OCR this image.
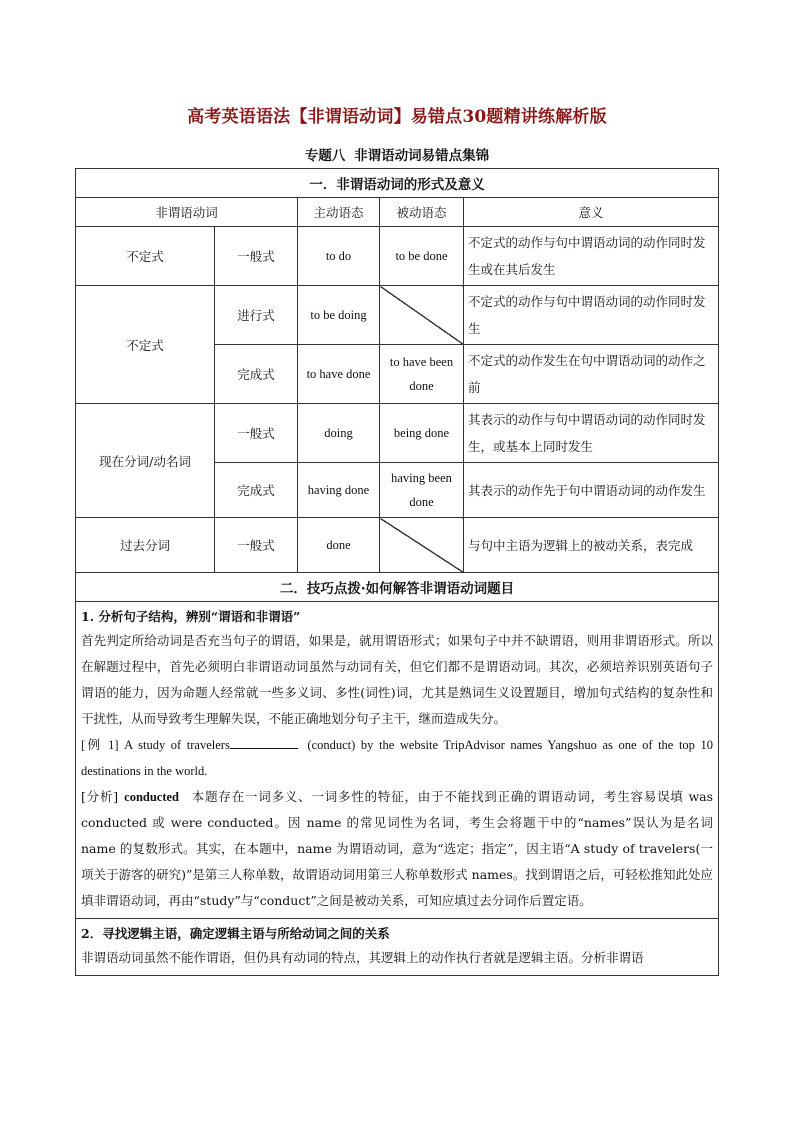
高考英语语法【非谓语动词】易错点30题精讲练解析版
专题八 非谓语动词易错点集锦
一．非谓语动词的形式及意义				
非谓语动词		主动语态	被动语态	意义
不定式	一般式	to do	to be done	不定式的动作与句中谓语动词的动作同时发生或在其后发生
不定式	进行式	to be doing		不定式的动作与句中谓语动词的动作同时发生
	完成式	to have done	to have been done	不定式的动作发生在句中谓语动词的动作之前
现在分词/动名词	一般式	doing	being done	其表示的动作与句中谓语动词的动作同时发生，或基本上同时发生
	完成式	having done	having been done	其表示的动作先于句中谓语动词的动作发生
过去分词	一般式	done		与句中主语为逻辑上的被动关系，表完成
二．技巧点拨·如何解答非谓语动词题目				

1. 分析句子结构，辨别“谓语和非谓语”

首先判定所给动词是否充当句子的谓语，如果是，就用谓语形式；如果句子中并不缺谓语，则用非谓语形式。所以在解题过程中，首先必须明白非谓语动词虽然与动词有关，但它们都不是谓语动词。其次，必须培养识别英语句子谓语的能力，因为命题人经常就一些多义词、多性(词性)词，尤其是熟词生义设置题目，增加句式结构的复杂性和干扰性，从而导致考生理解失误，不能正确地划分句子主干，继而造成失分。

[例 1] A study of travelers (conduct) by the website TripAdvisor names Yangshuo as one of the top 10 destinations in the world.

[分析] conducted 本题存在一词多义、一词多性的特征，由于不能找到正确的谓语动词，考生容易误填 was conducted 或 were conducted。因 name 的常见词性为名词，考生会将题干中的“names”误认为是名词 name 的复数形式。其实，在本题中，name 为谓语动词，意为“选定；指定”，因主语“A study of travelers(一项关于游客的研究)”是第三人称单数，故谓语动词用第三人称单数形式 names。找到谓语之后，可轻松推知此处应填非谓语动词，再由“study”与“conduct”之间是被动关系，可知应填过去分词作后置定语。				

2．寻找逻辑主语，确定逻辑主语与所给动词之间的关系

非谓语动词虽然不能作谓语，但仍具有动词的特点，其逻辑上的动作执行者就是逻辑主语。分析非谓语				
